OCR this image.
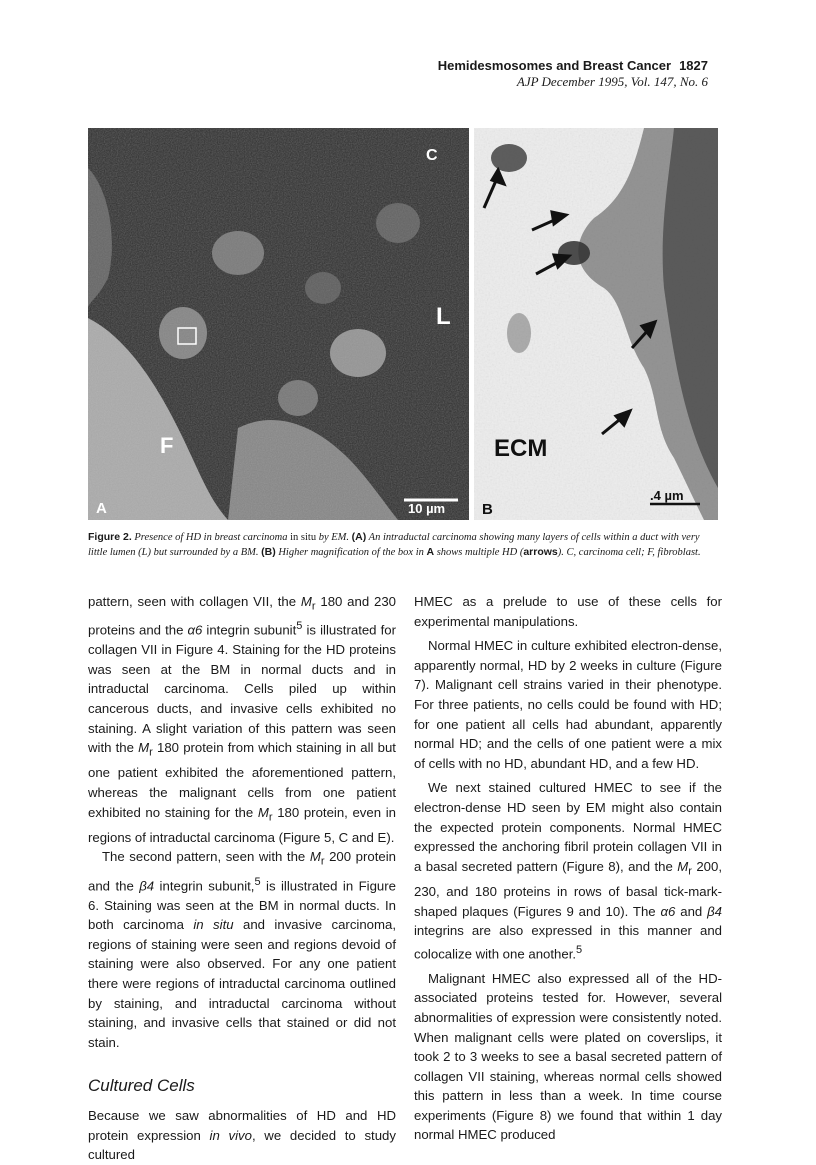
Hemidesmosomes and Breast Cancer 1827
AJP December 1995, Vol. 147, No. 6
L
F
C
10 µm
A
ECM
.4 µm
B
Figure 2. Presence of HD in breast carcinoma in situ by EM. (A) An intraductal carcinoma showing many layers of cells within a duct with very little lumen (L) but surrounded by a BM. (B) Higher magnification of the box in A shows multiple HD (arrows). C, carcinoma cell; F, fibroblast.

pattern, seen with collagen VII, the $M_r$ 180 and 230 proteins and the α6 integrin subunit$^5$ is illustrated for collagen VII in Figure 4. Staining for the HD proteins was seen at the BM in normal ducts and in intraductal carcinoma. Cells piled up within cancerous ducts, and invasive cells exhibited no staining. A slight variation of this pattern was seen with the $M_r$ 180 protein from which staining in all but one patient exhibited the aforementioned pattern, whereas the malignant cells from one patient exhibited no staining for the $M_r$ 180 protein, even in regions of intraductal carcinoma (Figure 5, C and E).

The second pattern, seen with the $M_r$ 200 protein and the β4 integrin subunit,$^5$ is illustrated in Figure 6. Staining was seen at the BM in normal ducts. In both carcinoma in situ and invasive carcinoma, regions of staining were seen and regions devoid of staining were also observed. For any one patient there were regions of intraductal carcinoma outlined by staining, and intraductal carcinoma without staining, and invasive cells that stained or did not stain.

Cultured Cells

Because we saw abnormalities of HD and HD protein expression in vivo, we decided to study cultured

HMEC as a prelude to use of these cells for experimental manipulations.

Normal HMEC in culture exhibited electron-dense, apparently normal, HD by 2 weeks in culture (Figure 7). Malignant cell strains varied in their phenotype. For three patients, no cells could be found with HD; for one patient all cells had abundant, apparently normal HD; and the cells of one patient were a mix of cells with no HD, abundant HD, and a few HD.

We next stained cultured HMEC to see if the electron-dense HD seen by EM might also contain the expected protein components. Normal HMEC expressed the anchoring fibril protein collagen VII in a basal secreted pattern (Figure 8), and the $M_r$ 200, 230, and 180 proteins in rows of basal tick-mark-shaped plaques (Figures 9 and 10). The α6 and β4 integrins are also expressed in this manner and colocalize with one another.$^5$

Malignant HMEC also expressed all of the HD-associated proteins tested for. However, several abnormalities of expression were consistently noted. When malignant cells were plated on coverslips, it took 2 to 3 weeks to see a basal secreted pattern of collagen VII staining, whereas normal cells showed this pattern in less than a week. In time course experiments (Figure 8) we found that within 1 day normal HMEC produced
